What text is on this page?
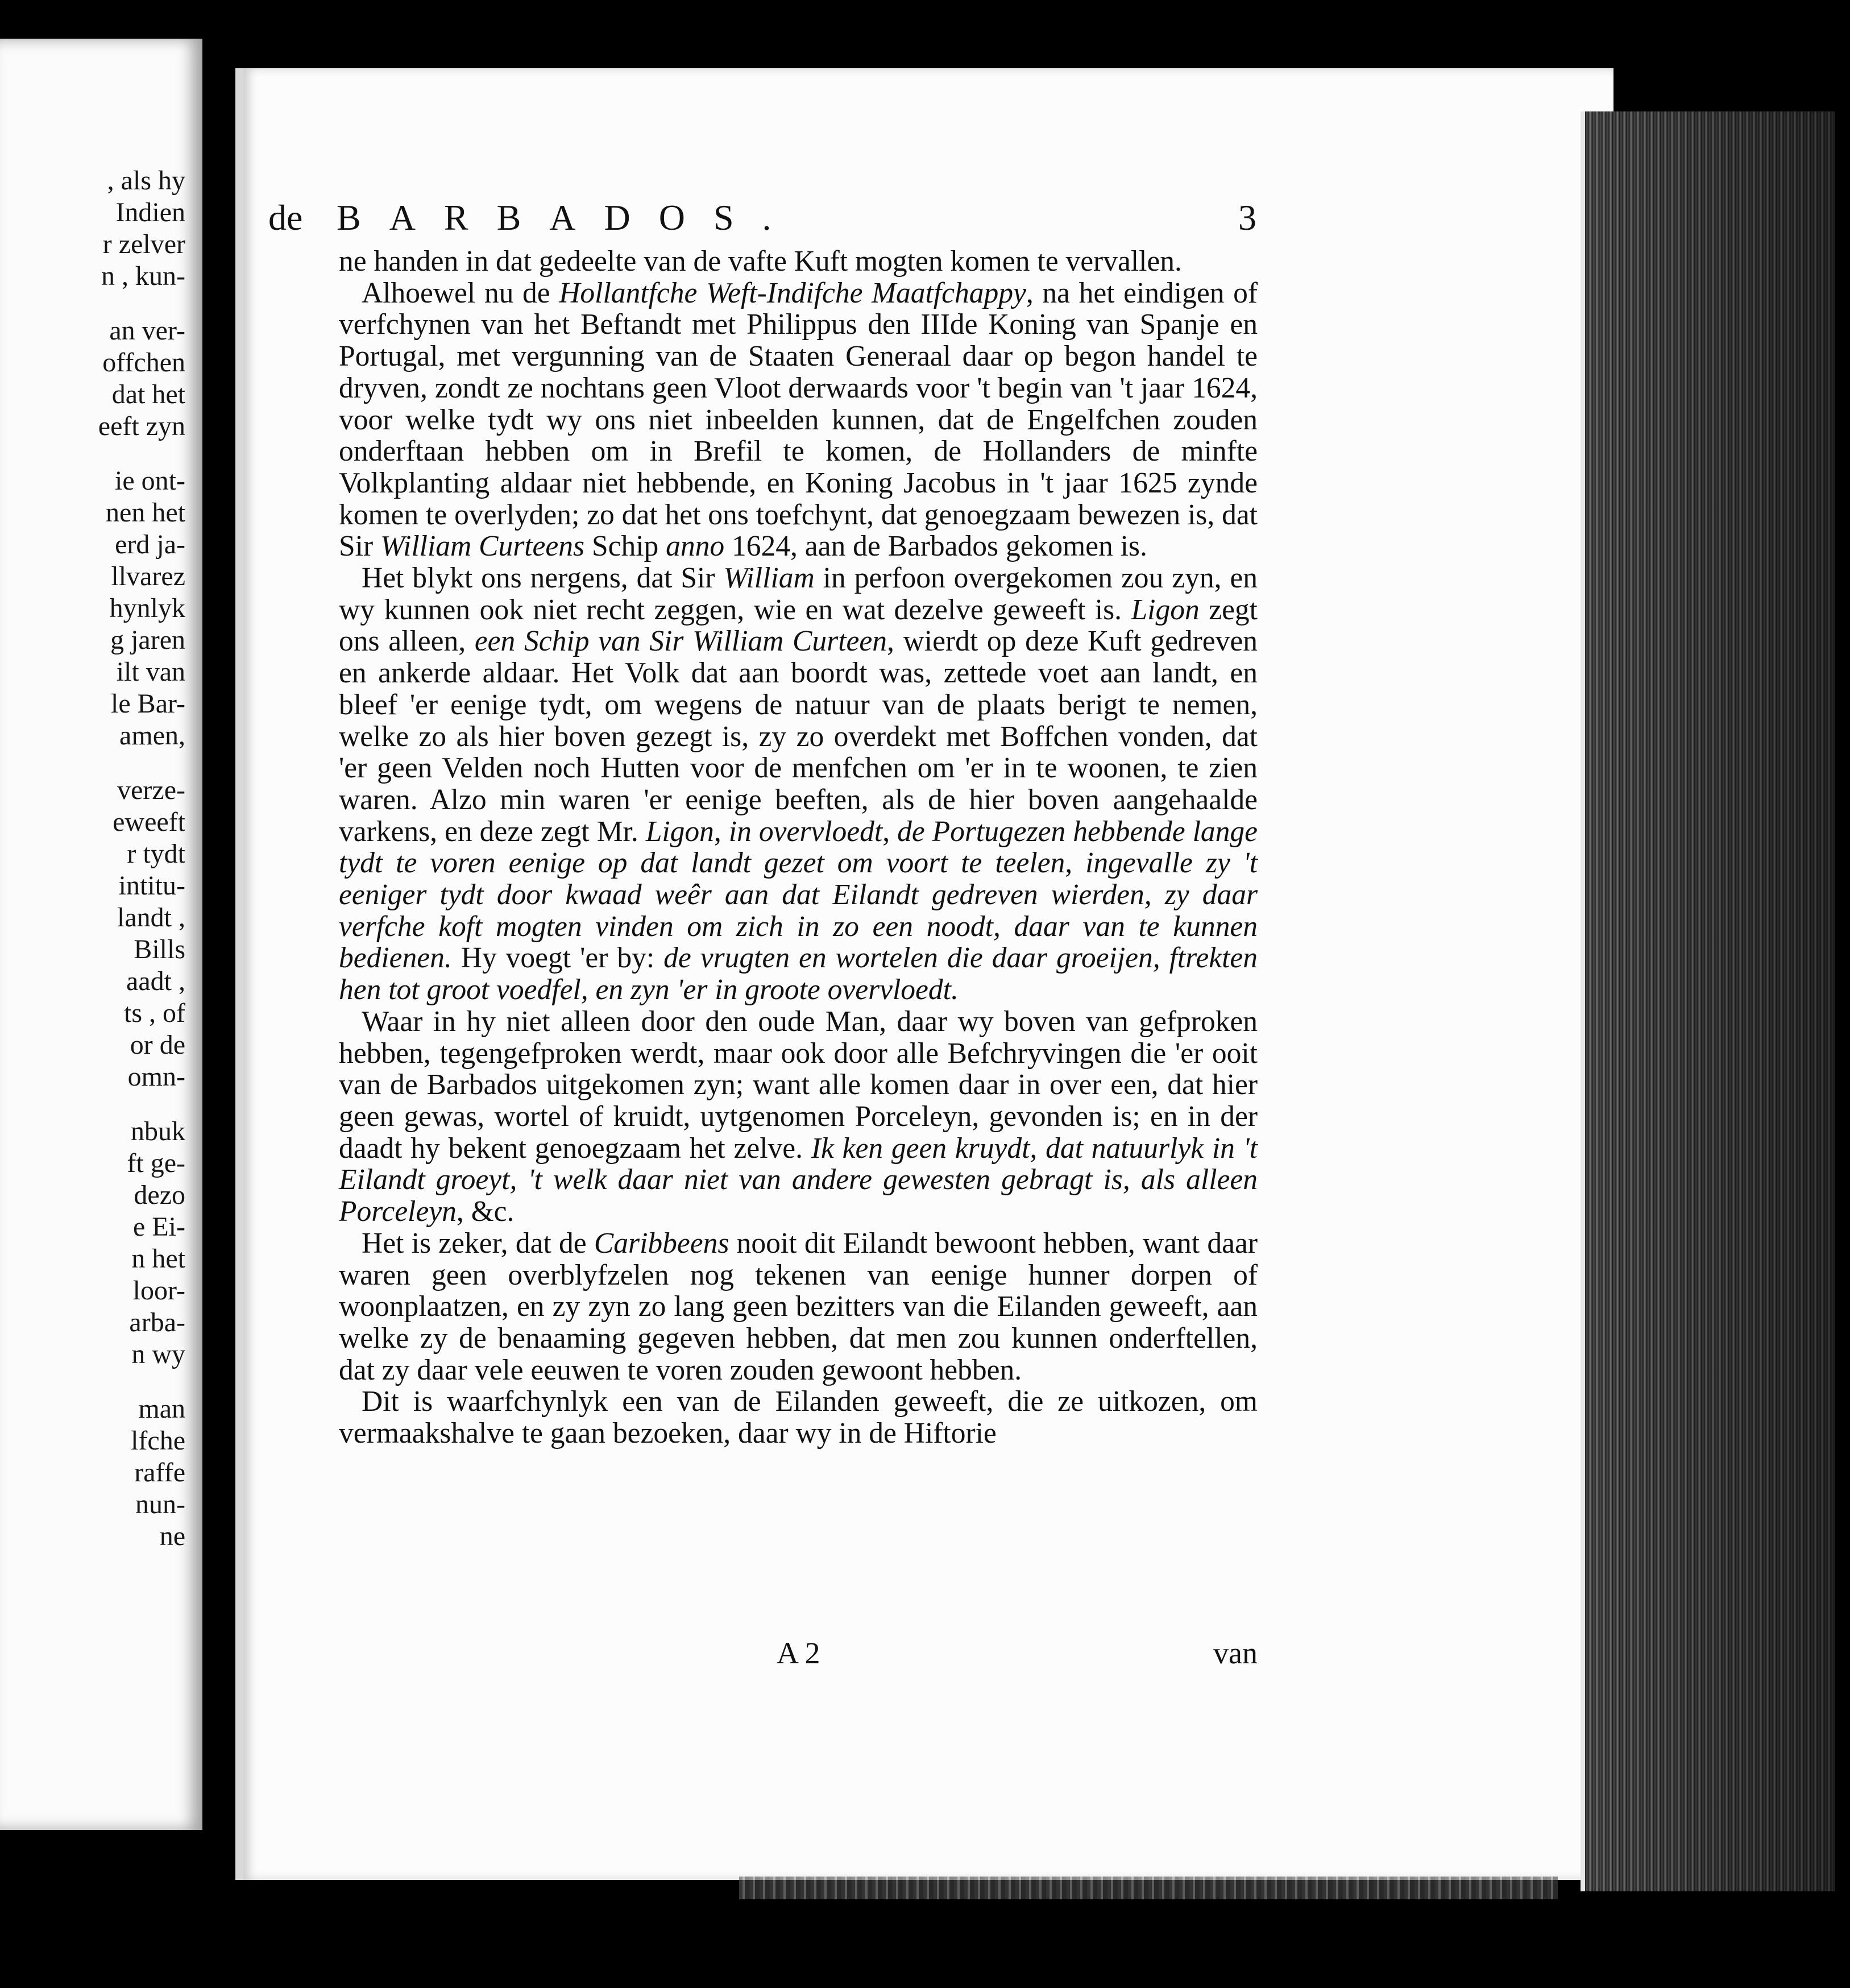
, als hy
Indien
r zelver
n , kun-
an ver-
offchen
dat het
eeft zyn
ie ont-
nen het
erd ja-
llvarez
hynlyk
g jaren
ilt van
le Bar-
amen,
verze-
eweeft
r tydt
intitu-
landt ,
Bills
aadt ,
ts , of
or de
omn-
nbuk
ft ge-
dezo
e Ei-
n het
loor-
arba-
n wy
man
lfche
raffe
nun-
ne
de BARBADOS.	3

ne handen in dat gedeelte van de vafte Kuft mogten komen te vervallen.

Alhoewel nu de Hollantfche Weft-Indifche Maatfchappy, na het eindigen of verfchynen van het Beftandt met Philippus den IIIde Koning van Spanje en Portugal, met vergunning van de Staaten Generaal daar op begon handel te dryven, zondt ze nochtans geen Vloot derwaards voor 't begin van 't jaar 1624, voor welke tydt wy ons niet inbeelden kunnen, dat de Engelfchen zouden onderftaan hebben om in Brefil te komen, de Hollanders de minfte Volkplanting aldaar niet hebbende, en Koning Jacobus in 't jaar 1625 zynde komen te overlyden; zo dat het ons toefchynt, dat genoegzaam bewezen is, dat Sir William Curteens Schip anno 1624, aan de Barbados gekomen is.

Het blykt ons nergens, dat Sir William in perfoon overgekomen zou zyn, en wy kunnen ook niet recht zeggen, wie en wat dezelve geweeft is. Ligon zegt ons alleen, een Schip van Sir William Curteen, wierdt op deze Kuft gedreven en ankerde aldaar. Het Volk dat aan boordt was, zettede voet aan landt, en bleef 'er eenige tydt, om wegens de natuur van de plaats berigt te nemen, welke zo als hier boven gezegt is, zy zo overdekt met Boffchen vonden, dat 'er geen Velden noch Hutten voor de menfchen om 'er in te woonen, te zien waren. Alzo min waren 'er eenige beeften, als de hier boven aangehaalde varkens, en deze zegt Mr. Ligon, in overvloedt, de Portugezen hebbende lange tydt te voren eenige op dat landt gezet om voort te teelen, ingevalle zy 't eeniger tydt door kwaad weêr aan dat Eilandt gedreven wierden, zy daar verfche koft mogten vinden om zich in zo een noodt, daar van te kunnen bedienen. Hy voegt 'er by: de vrugten en wortelen die daar groeijen, ftrekten hen tot groot voedfel, en zyn 'er in groote overvloedt.

Waar in hy niet alleen door den oude Man, daar wy boven van gefproken hebben, tegengefproken werdt, maar ook door alle Befchryvingen die 'er ooit van de Barbados uitgekomen zyn; want alle komen daar in over een, dat hier geen gewas, wortel of kruidt, uytgenomen Porceleyn, gevonden is; en in der daadt hy bekent genoegzaam het zelve. Ik ken geen kruydt, dat natuurlyk in 't Eilandt groeyt, 't welk daar niet van andere gewesten gebragt is, als alleen Porceleyn, &c.

Het is zeker, dat de Caribbeens nooit dit Eilandt bewoont hebben, want daar waren geen overblyfzelen nog tekenen van eenige hunner dorpen of woonplaatzen, en zy zyn zo lang geen bezitters van die Eilanden geweeft, aan welke zy de benaaming gegeven hebben, dat men zou kunnen onderftellen, dat zy daar vele eeuwen te voren zouden gewoont hebben.

Dit is waarfchynlyk een van de Eilanden geweeft, die ze uitkozen, om vermaakshalve te gaan bezoeken, daar wy in de Hiftorie

A 2	van
